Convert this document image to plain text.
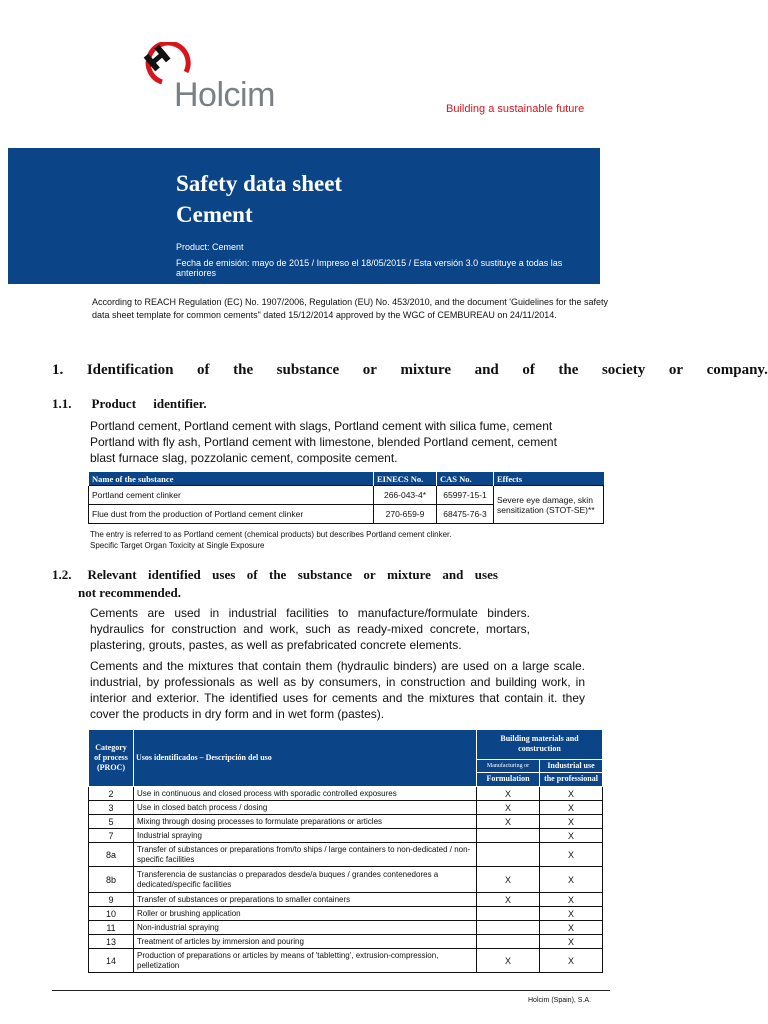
Holcim	Building a sustainable future
Safety data sheet
Cement
Product: Cement
Fecha de emisión: mayo de 2015 / Impreso el 18/05/2015 / Esta versión 3.0 sustituye a todas las anteriores
According to REACH Regulation (EC) No. 1907/2006, Regulation (EU) No. 453/2010, and the document 'Guidelines for the safety data sheet template for common cements" dated 15/12/2014 approved by the WGC of CEMBUREAU on 24/11/2014.
1. Identification of the substance or mixture and of the society or company.
1.1. Product identifier.
Portland cement, Portland cement with slags, Portland cement with silica fume, cement Portland with fly ash, Portland cement with limestone, blended Portland cement, cement blast furnace slag, pozzolanic cement, composite cement.
Name of the substance	EINECS No.	CAS No.	Effects
Portland cement clinker	266-043-4*	65997-15-1	Severe eye damage, skin sensitization (STOT-SE)**
Flue dust from the production of Portland cement clinker	270-659-9	68475-76-3	
The entry is referred to as Portland cement (chemical products) but describes Portland cement clinker.
Specific Target Organ Toxicity at Single Exposure
1.2.	Relevant identified uses of the substance or mixture and uses
not recommended.
Cements are used in industrial facilities to manufacture/formulate binders. hydraulics for construction and work, such as ready-mixed concrete, mortars, plastering, grouts, pastes, as well as prefabricated concrete elements.
Cements and the mixtures that contain them (hydraulic binders) are used on a large scale. industrial, by professionals as well as by consumers, in construction and building work, in interior and exterior. The identified uses for cements and the mixtures that contain it. they cover the products in dry form and in wet form (pastes).
Category of process (PROC)	Usos identificados – Descripción del uso	Building materials and construction	
		Manufacturing or	Industrial use
		Formulation	the professional
2	Use in continuous and closed process with sporadic controlled exposures	X	X
3	Use in closed batch process / dosing	X	X
5	Mixing through dosing processes to formulate preparations or articles	X	X
7	Industrial spraying		X
8a	Transfer of substances or preparations from/to ships / large containers to non-dedicated / non-specific facilities		X
8b	Transferencia de sustancias o preparados desde/a buques / grandes contenedores a dedicated/specific facilities	X	X
9	Transfer of substances or preparations to smaller containers	X	X
10	Roller or brushing application		X
11	Non-industrial spraying		X
13	Treatment of articles by immersion and pouring		X
14	Production of preparations or articles by means of 'tabletting', extrusion-compression, pelletization	X	X
Holcim (Spain), S.A.
